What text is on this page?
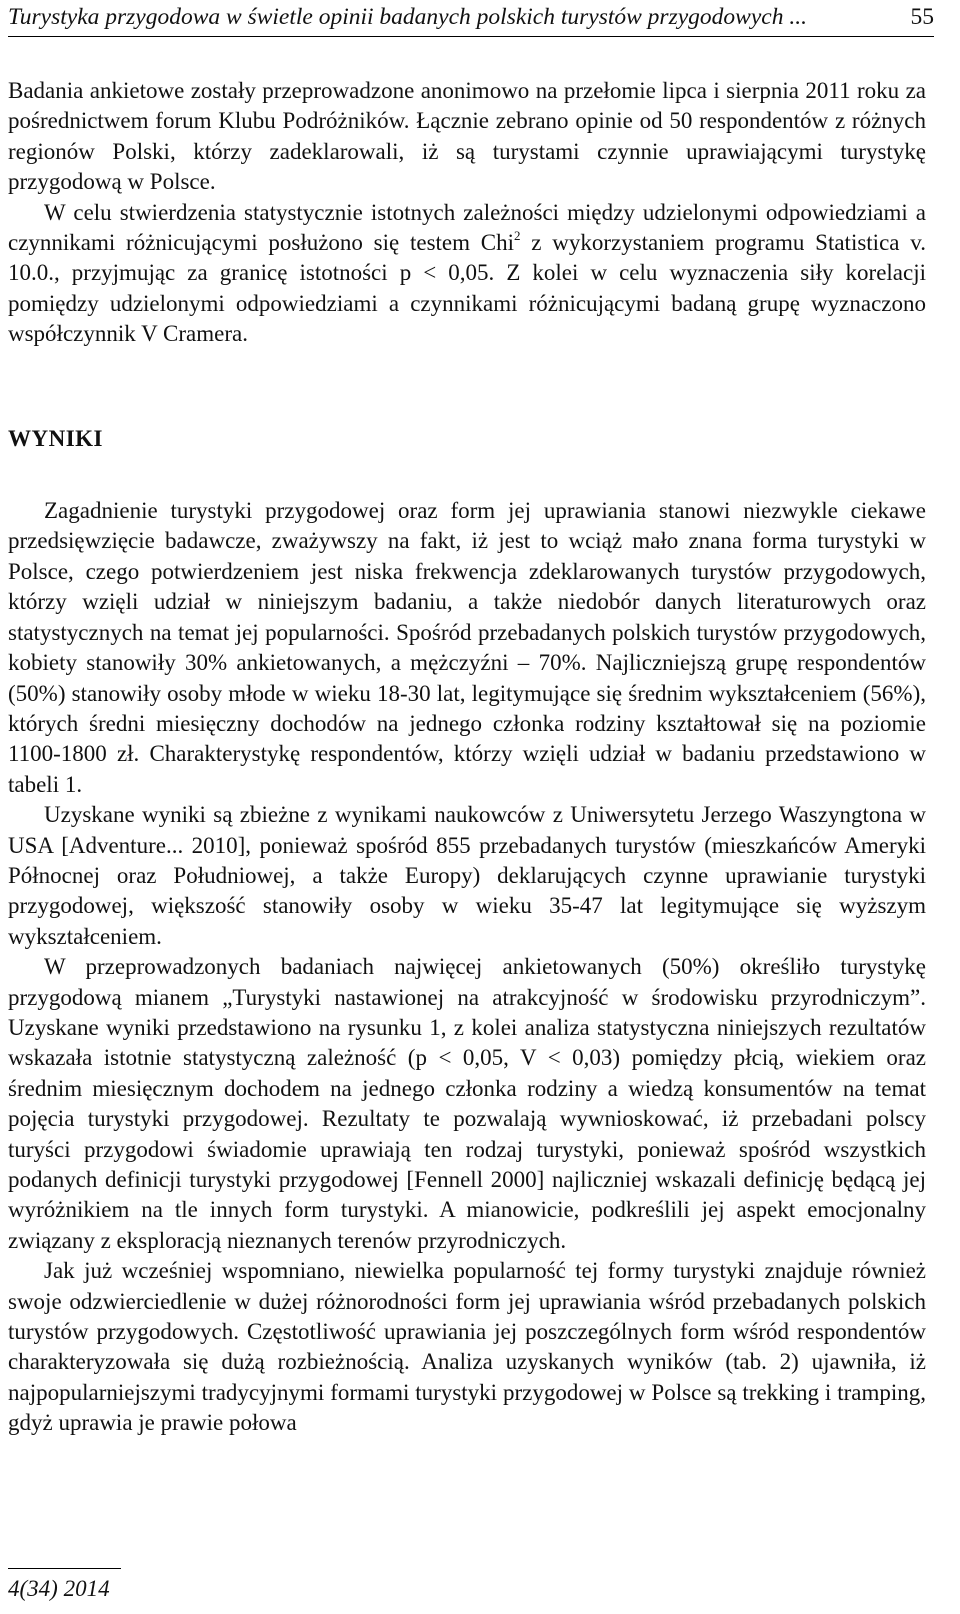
Turystyka przygodowa w świetle opinii badanych polskich turystów przygodowych ...	55

Badania ankietowe zostały przeprowadzone anonimowo na przełomie lipca i sierpnia 2011 roku za pośrednictwem forum Klubu Podróżników. Łącznie zebrano opinie od 50 respondentów z różnych regionów Polski, którzy zadeklarowali, iż są turystami czynnie uprawiającymi turystykę przygodową w Polsce.

W celu stwierdzenia statystycznie istotnych zależności między udzielonymi odpowiedziami a czynnikami różnicującymi posłużono się testem Chi$^2$ z wykorzystaniem programu Statistica v. 10.0., przyjmując za granicę istotności p < 0,05. Z kolei w celu wyznaczenia siły korelacji pomiędzy udzielonymi odpowiedziami a czynnikami różnicującymi badaną grupę wyznaczono współczynnik V Cramera.

WYNIKI

Zagadnienie turystyki przygodowej oraz form jej uprawiania stanowi niezwykle ciekawe przedsięwzięcie badawcze, zważywszy na fakt, iż jest to wciąż mało znana forma turystyki w Polsce, czego potwierdzeniem jest niska frekwencja zdeklarowanych turystów przygodowych, którzy wzięli udział w niniejszym badaniu, a także niedobór danych literaturowych oraz statystycznych na temat jej popularności. Spośród przebadanych polskich turystów przygodowych, kobiety stanowiły 30% ankietowanych, a mężczyźni – 70%. Najliczniejszą grupę respondentów (50%) stanowiły osoby młode w wieku 18-30 lat, legitymujące się średnim wykształceniem (56%), których średni miesięczny dochodów na jednego członka rodziny kształtował się na poziomie 1100-1800 zł. Charakterystykę respondentów, którzy wzięli udział w badaniu przedstawiono w tabeli 1.

Uzyskane wyniki są zbieżne z wynikami naukowców z Uniwersytetu Jerzego Waszyngtona w USA [Adventure... 2010], ponieważ spośród 855 przebadanych turystów (mieszkańców Ameryki Północnej oraz Południowej, a także Europy) deklarujących czynne uprawianie turystyki przygodowej, większość stanowiły osoby w wieku 35-47 lat legitymujące się wyższym wykształceniem.

W przeprowadzonych badaniach najwięcej ankietowanych (50%) określiło turystykę przygodową mianem „Turystyki nastawionej na atrakcyjność w środowisku przyrodniczym”. Uzyskane wyniki przedstawiono na rysunku 1, z kolei analiza statystyczna niniejszych rezultatów wskazała istotnie statystyczną zależność (p < 0,05, V < 0,03) pomiędzy płcią, wiekiem oraz średnim miesięcznym dochodem na jednego członka rodziny a wiedzą konsumentów na temat pojęcia turystyki przygodowej. Rezultaty te pozwalają wywnioskować, iż przebadani polscy turyści przygodowi świadomie uprawiają ten rodzaj turystyki, ponieważ spośród wszystkich podanych definicji turystyki przygodowej [Fennell 2000] najliczniej wskazali definicję będącą jej wyróżnikiem na tle innych form turystyki. A mianowicie, podkreślili jej aspekt emocjonalny związany z eksploracją nieznanych terenów przyrodniczych.

Jak już wcześniej wspomniano, niewielka popularność tej formy turystyki znajduje również swoje odzwierciedlenie w dużej różnorodności form jej uprawiania wśród przebadanych polskich turystów przygodowych. Częstotliwość uprawiania jej poszczególnych form wśród respondentów charakteryzowała się dużą rozbieżnością. Analiza uzyskanych wyników (tab. 2) ujawniła, iż najpopularniejszymi tradycyjnymi formami turystyki przygodowej w Polsce są trekking i tramping, gdyż uprawia je prawie połowa

4(34) 2014
